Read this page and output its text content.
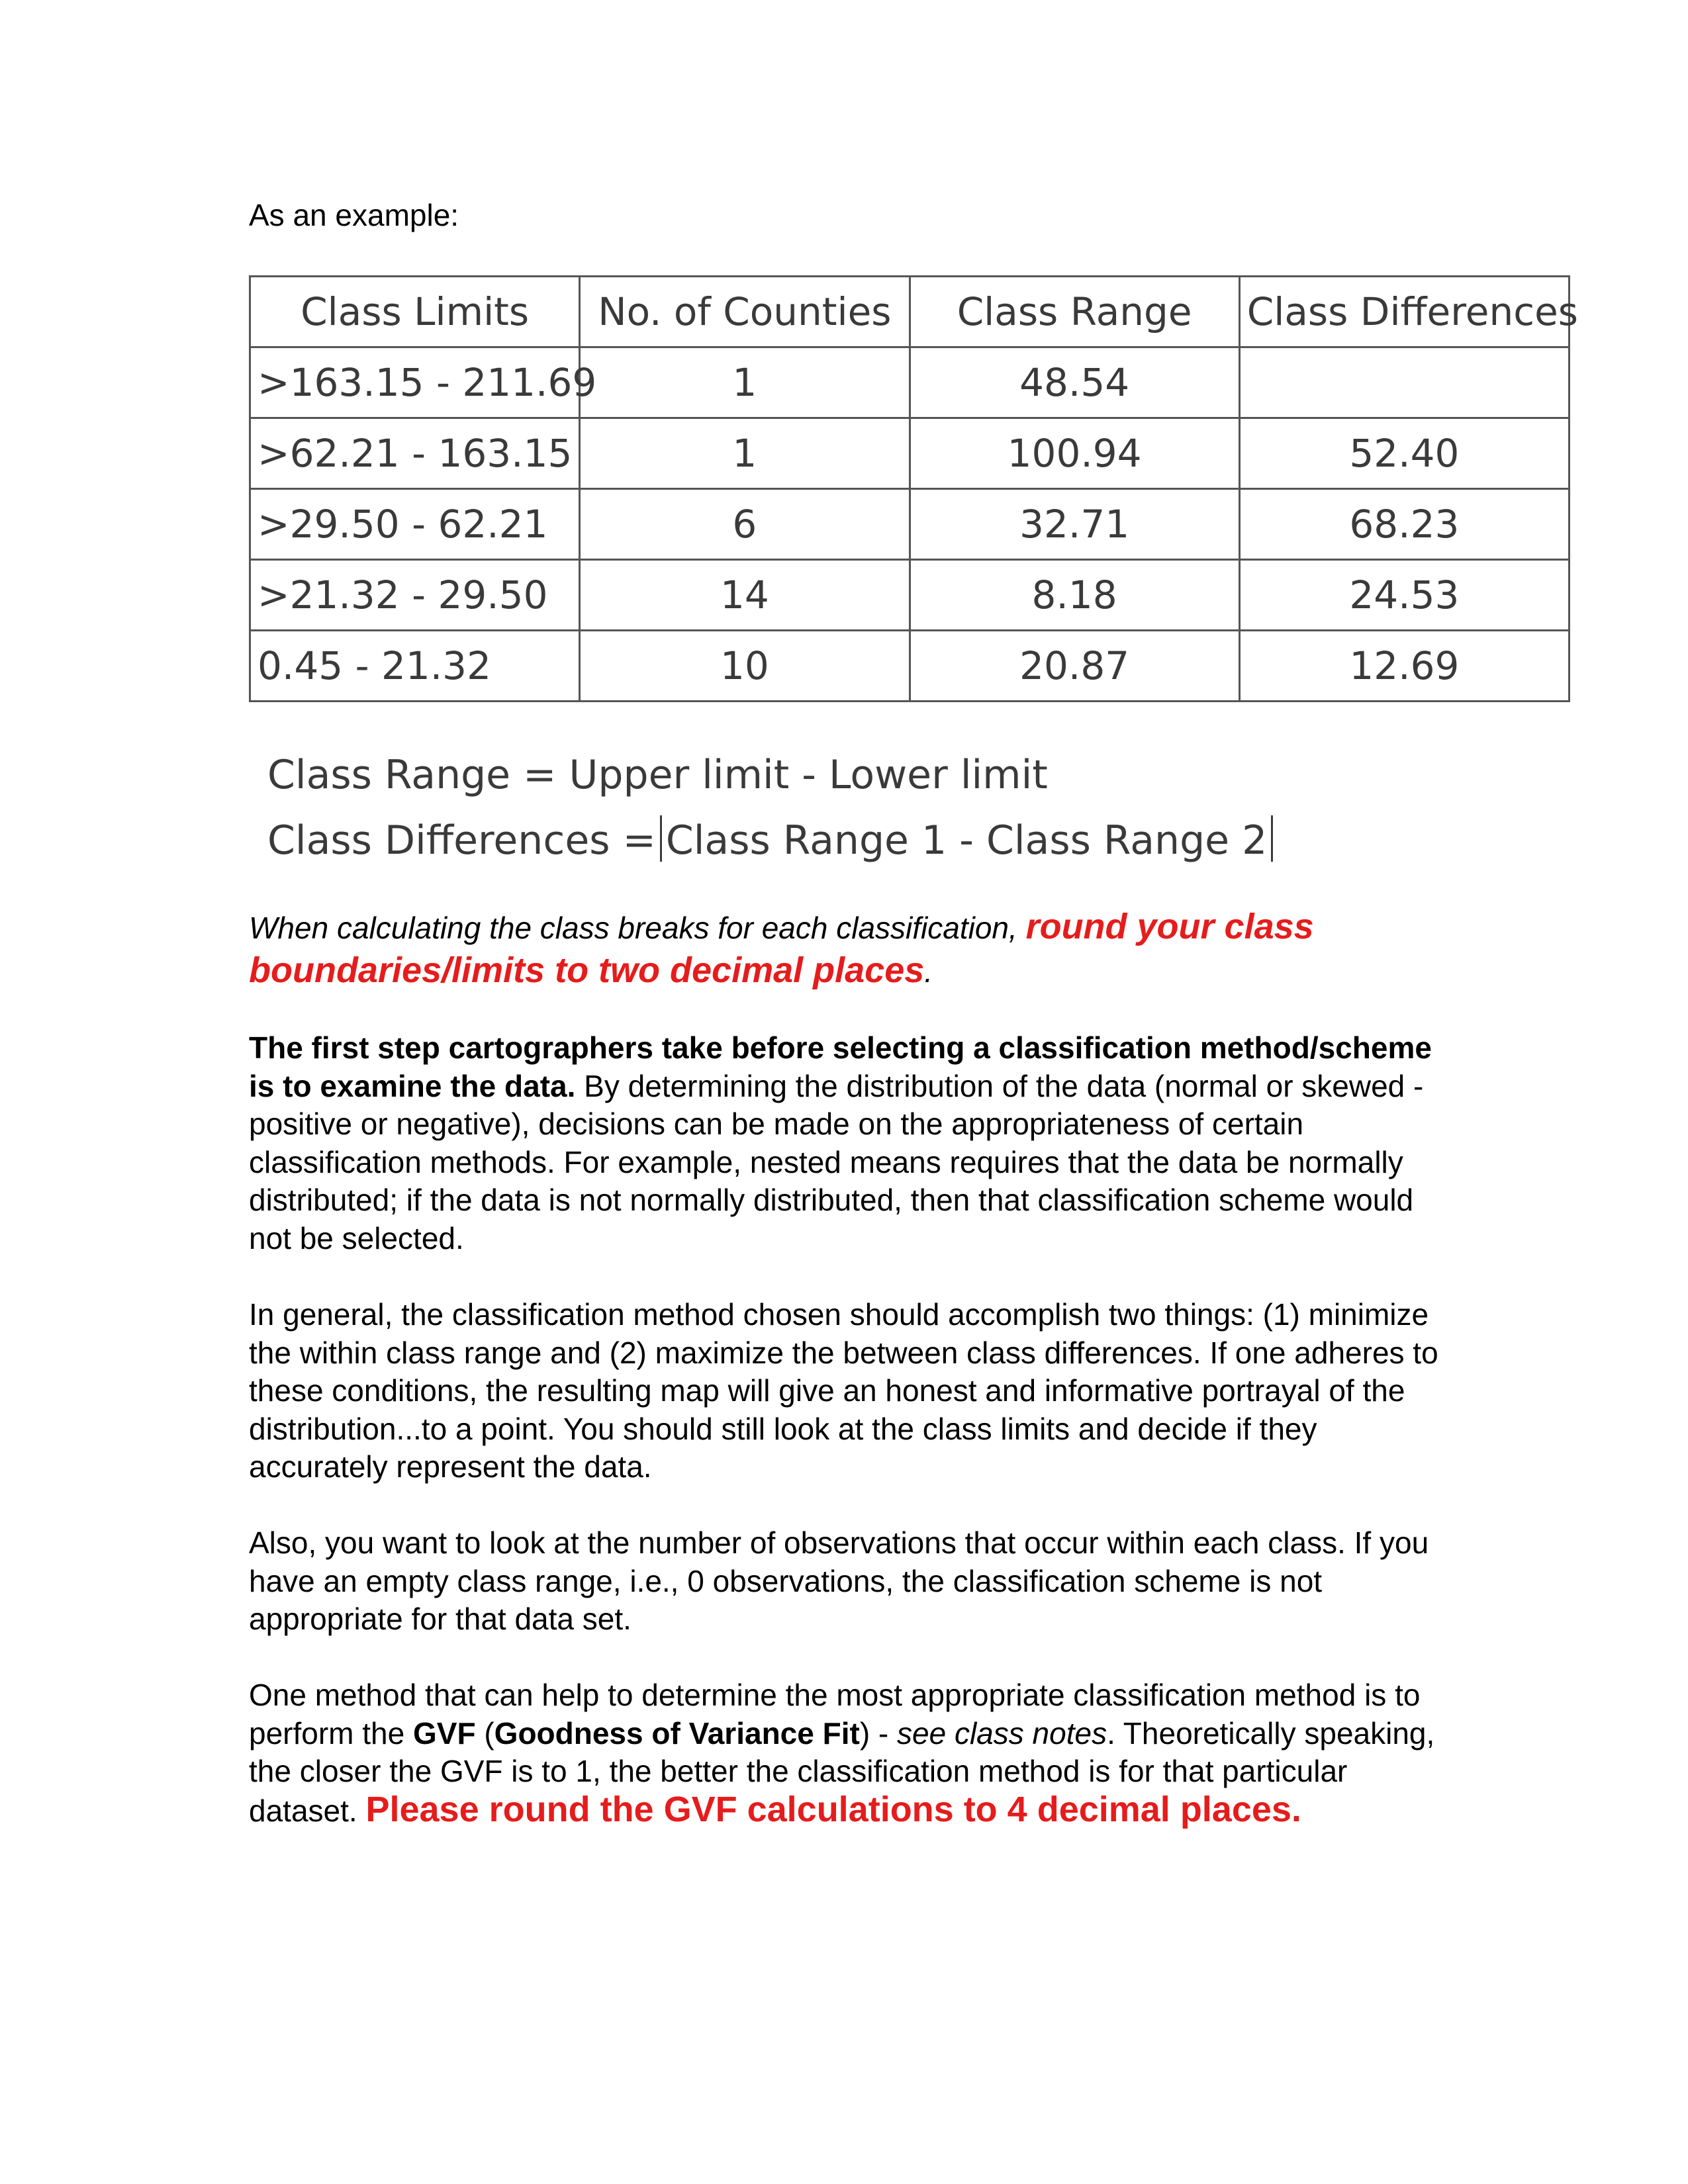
As an example:
Class Limits	No. of Counties	Class Range	Class Differences
>163.15 - 211.69	1	48.54	
>62.21 - 163.15	1	100.94	52.40
>29.50 - 62.21	6	32.71	68.23
>21.32 - 29.50	14	8.18	24.53
0.45 - 21.32	10	20.87	12.69
Class Range = Upper limit - Lower limit
Class Differences = Class Range 1 - Class Range 2
When calculating the class breaks for each classification, round your class boundaries/limits to two decimal places.
The first step cartographers take before selecting a classification method/scheme is to examine the data. By determining the distribution of the data (normal or skewed - positive or negative), decisions can be made on the appropriateness of certain classification methods. For example, nested means requires that the data be normally distributed; if the data is not normally distributed, then that classification scheme would not be selected.
In general, the classification method chosen should accomplish two things: (1) minimize the within class range and (2) maximize the between class differences. If one adheres to these conditions, the resulting map will give an honest and informative portrayal of the distribution...to a point. You should still look at the class limits and decide if they accurately represent the data.
Also, you want to look at the number of observations that occur within each class. If you have an empty class range, i.e., 0 observations, the classification scheme is not appropriate for that data set.
One method that can help to determine the most appropriate classification method is to perform the GVF (Goodness of Variance Fit) - see class notes. Theoretically speaking, the closer the GVF is to 1, the better the classification method is for that particular dataset. Please round the GVF calculations to 4 decimal places.
